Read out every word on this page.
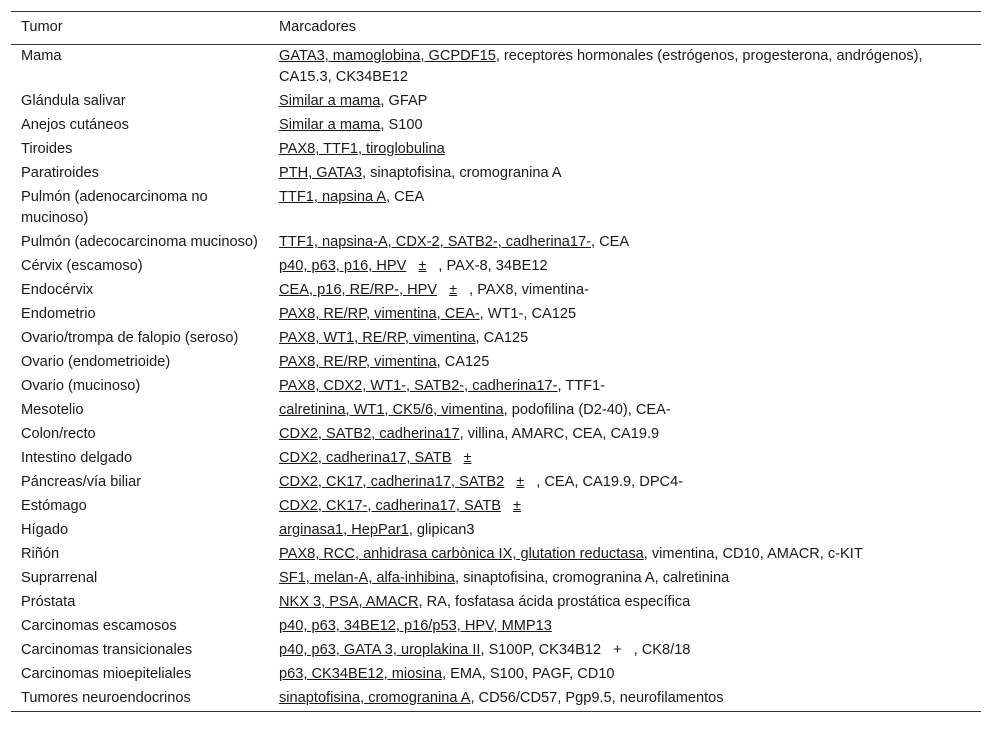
Tumor	Marcadores
Mama	GATA3, mamoglobina, GCPDF15, receptores hormonales (estrógenos, progesterona, andrógenos), CA15.3, CK34BE12
Glándula salivar	Similar a mama, GFAP
Anejos cutáneos	Similar a mama, S100
Tiroides	PAX8, TTF1, tiroglobulina
Paratiroides	PTH, GATA3, sinaptofisina, cromogranina A
Pulmón (adenocarcinoma no mucinoso)	TTF1, napsina A, CEA
Pulmón (adecocarcinoma mucinoso)	TTF1, napsina-A, CDX-2, SATB2-, cadherina17-, CEA
Cérvix (escamoso)	p40, p63, p16, HPV ± , PAX-8, 34BE12
Endocérvix	CEA, p16, RE/RP-, HPV ± , PAX8, vimentina-
Endometrio	PAX8, RE/RP, vimentina, CEA-, WT1-, CA125
Ovario/trompa de falopio (seroso)	PAX8, WT1, RE/RP, vimentina, CA125
Ovario (endometrioide)	PAX8, RE/RP, vimentina, CA125
Ovario (mucinoso)	PAX8, CDX2, WT1-, SATB2-, cadherina17-, TTF1-
Mesotelio	calretinina, WT1, CK5/6, vimentina, podofilina (D2-40), CEA-
Colon/recto	CDX2, SATB2, cadherina17, villina, AMARC, CEA, CA19.9
Intestino delgado	CDX2, cadherina17, SATB ±
Páncreas/vía biliar	CDX2, CK17, cadherina17, SATB2 ± , CEA, CA19.9, DPC4-
Estómago	CDX2, CK17-, cadherina17, SATB ±
Hígado	arginasa1, HepPar1, glipican3
Riñón	PAX8, RCC, anhidrasa carbònica IX, glutation reductasa, vimentina, CD10, AMACR, c-KIT
Suprarrenal	SF1, melan-A, alfa-inhibina, sinaptofisina, cromogranina A, calretinina
Próstata	NKX 3, PSA, AMACR, RA, fosfatasa ácida prostática específica
Carcinomas escamosos	p40, p63, 34BE12, p16/p53, HPV, MMP13
Carcinomas transicionales	p40, p63, GATA 3, uroplakina II, S100P, CK34B12 + , CK8/18
Carcinomas mioepiteliales	p63, CK34BE12, miosina, EMA, S100, PAGF, CD10
Tumores neuroendocrinos	sinaptofisina, cromogranina A, CD56/CD57, Pgp9.5, neurofilamentos
